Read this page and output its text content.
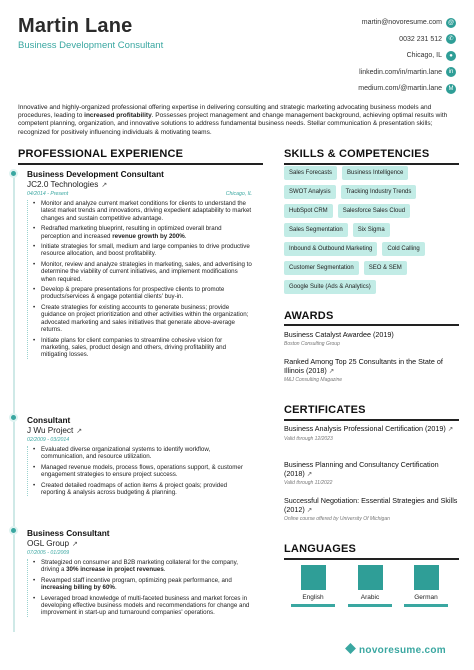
Martin Lane
Business Development Consultant
martin@novoresume.com @
0032 231 512	✆
Chicago, IL	●
linkedin.com/in/martin.lane	in
medium.com/@martin.lane	M
Innovative and highly-organized professional offering expertise in delivering consulting and strategic marketing advocating business models and procedures, leading to increased profitability. Possesses project management and change management background, achieving optimal results with competent planning, organization, and innovative solutions to address fundamental business needs. Stellar communication & presentation skills; recognized for positively influencing individuals & motivating teams.
PROFESSIONAL EXPERIENCE
Business Development Consultant
JC2.0 Technologies ↗
04/2014 - Present	Chicago, IL
• Monitor and analyze current market conditions for clients to understand the latest market trends and innovations, driving expedient adaptability to market changes and sustain competitive advantage.
• Redrafted marketing blueprint, resulting in optimized overall brand perception and increased revenue growth by 200%.
• Initiate strategies for small, medium and large companies to drive productive resource allocation, and boost profitability.
• Monitor, review and analyze strategies in marketing, sales, and advertising to determine the viability of current initiatives, and implement modifications when required.
• Develop & prepare presentations for prospective clients to promote products/services & engage potential clients' buy-in.
• Create strategies for existing accounts to generate business; provide guidance on project prioritization and other activities within the organization; advocated marketing and sales initiatives that generate above-average returns.
• Initiate plans for client companies to streamline cohesive vision for marketing, sales, product design and others, driving profitability and mitigating losses.
Consultant
J Wu Project ↗
02/2009 - 03/2014
• Evaluated diverse organizational systems to identify workflow, communication, and resource utilization.
• Managed revenue models, process flows, operations support, & customer engagement strategies to ensure project success.
• Created detailed roadmaps of action items & project goals; provided reporting & analysis across budgeting & planning.
Business Consultant
OGL Group ↗
07/2005 - 01/2009
• Strategized on consumer and B2B marketing collateral for the company, driving a 30% increase in project revenues.
• Revamped staff incentive program, optimizing peak performance, and increasing billing by 60%.
• Leveraged broad knowledge of multi-faceted business and market forces in developing effective business models and recommendations for change and improvement in start-up and turnaround companies' operations.
SKILLS & COMPETENCIES
Sales Forecasts	Business Intelligence
SWOT Analysis	Tracking Industry Trends
HubSpot CRM	Salesforce Sales Cloud
Sales Segmentation	Six Sigma
Inbound & Outbound Marketing	Cold Calling
Customer Segmentation	SEO & SEM
Google Suite (Ads & Analytics)
AWARDS
Business Catalyst Awardee (2019)
Boston Consulting Group
Ranked Among Top 25 Consultants in the State of Illinois (2018) ↗
M&J Consulting Magazine
CERTIFICATES
Business Analysis Professional Certification (2019) ↗
Valid through 12/2023
Business Planning and Consultancy Certification (2018) ↗
Valid through 11/2022
Successful Negotiation: Essential Strategies and Skills (2012) ↗
Online course offered by University Of Michigan
LANGUAGES
English	Arabic	German
novoresume.com
